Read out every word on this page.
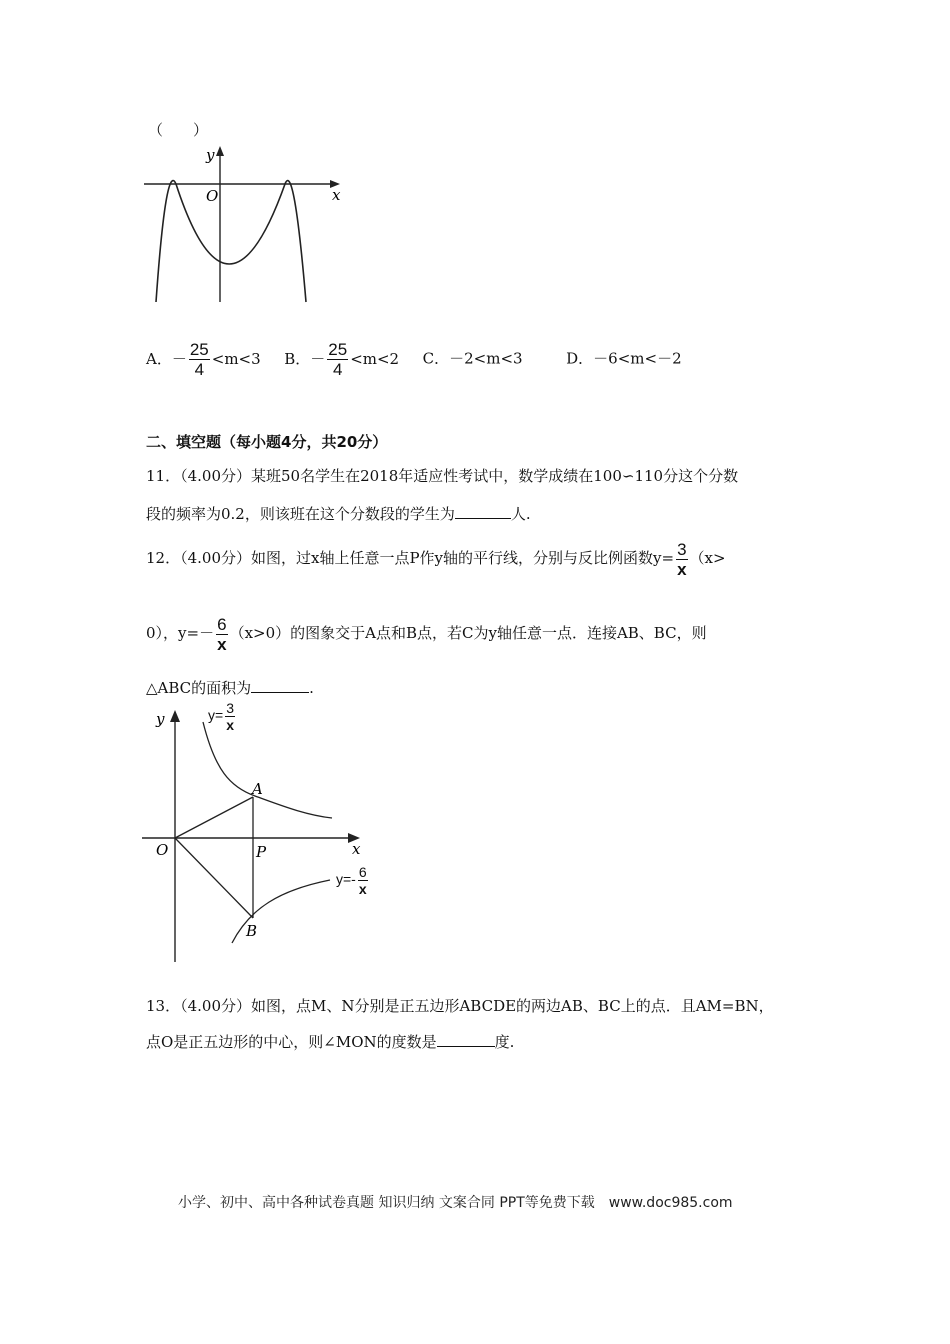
（　　）
y
O	x
A．－ $\frac{25}{4} <m<3$ B．－ $\frac{25}{4} <m<2$ C．－2<m<3	D．－6<m<－2
二、填空题（每小题4分，共20分）
11．（4.00分）某班50名学生在2018年适应性考试中，数学成绩在100∽110分这个分数
段的频率为0.2，则该班在这个分数段的学生为	人.
12．（4.00分）如图，过x轴上任意一点P作y轴的平行线，分别与反比例函数$y= \frac{3}{x} (x>$
0），$y=- \frac{6}{x} (x>0)$的图象交于A点和B点，若C为y轴任意一点．连接AB、BC，则
△ABC的面积为	.
y
x
O
A
B
P
$y= \frac{3}{x}$
$y=- \frac{6}{x}$
13．（4.00分）如图，点M、N分别是正五边形ABCDE的两边AB、BC上的点．且AM=BN，
点O是正五边形的中心，则∠MON的度数是	度.
小学、初中、高中各种试卷真题 知识归纳 文案合同 PPT等免费下载　www.doc985.com
